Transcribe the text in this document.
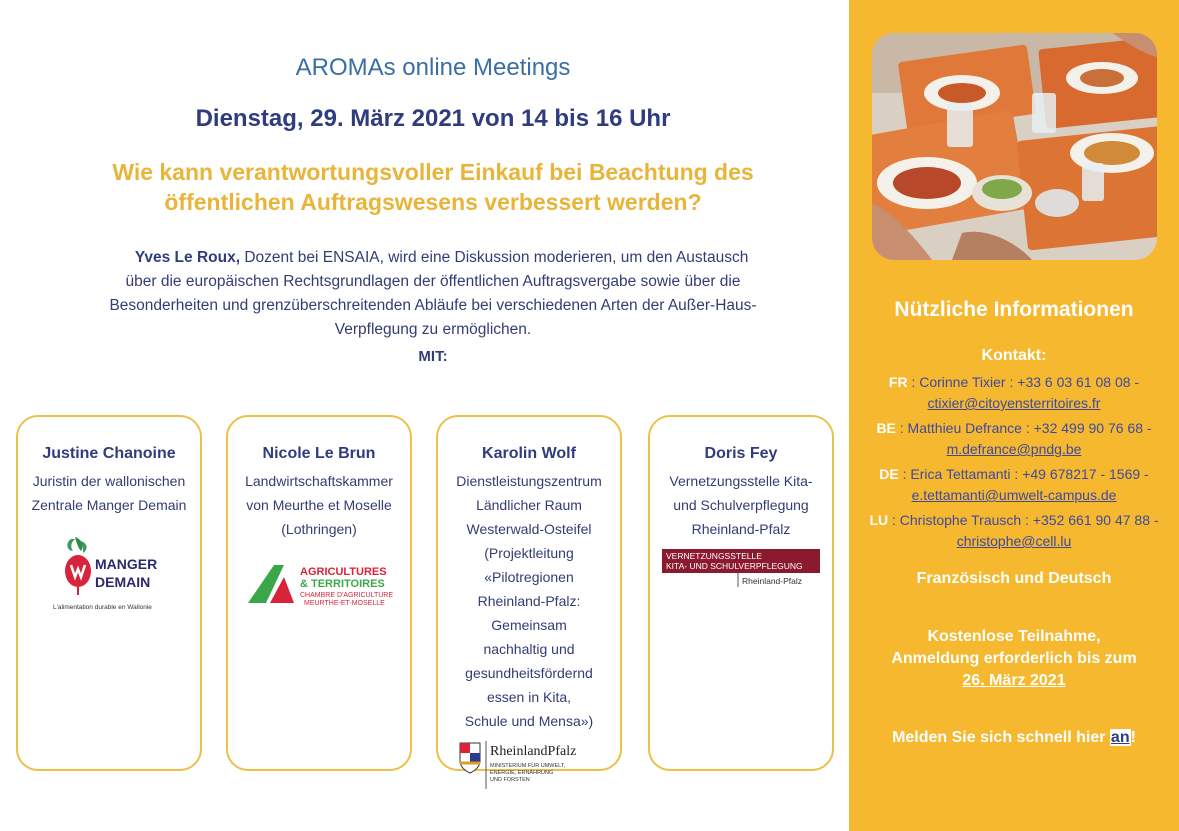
AROMAs online Meetings
Dienstag, 29. März 2021 von 14 bis 16 Uhr
Wie kann verantwortungsvoller Einkauf bei Beachtung des
öffentlichen Auftragswesens verbessert werden?
Yves Le Roux, Dozent bei ENSAIA, wird eine Diskussion moderieren, um den Austausch
über die europäischen Rechtsgrundlagen der öffentlichen Auftragsvergabe sowie über die
Besonderheiten und grenzüberschreitenden Abläufe bei verschiedenen Arten der Außer-Haus-
Verpflegung zu ermöglichen.
MIT:
Justine Chanoine
Juristin der wallonischen
Zentrale Manger Demain
MANGER
DEMAIN
L'alimentation durable en Wallonie
Nicole Le Brun
Landwirtschaftskammer
von Meurthe et Moselle
(Lothringen)
AGRICULTURES
& TERRITOIRES
CHAMBRE D'AGRICULTURE
MEURTHE-ET-MOSELLE
Karolin Wolf
Dienstleistungszentrum
Ländlicher Raum
Westerwald-Osteifel
(Projektleitung
«Pilotregionen
Rheinland-Pfalz:
Gemeinsam
nachhaltig und
gesundheitsfördernd
essen in Kita,
Schule und Mensa»)
RheinlandPfalz
MINISTERIUM FÜR UMWELT,
ENERGIE, ERNÄHRUNG
UND FORSTEN
Doris Fey
Vernetzungsstelle Kita-
und Schulverpflegung
Rheinland-Pfalz
VERNETZUNGSSTELLE
KITA- UND SCHULVERPFLEGUNG
Rheinland-Pfalz
Nützliche Informationen
Kontakt:
FR : Corinne Tixier : +33 6 03 61 08 08 -
ctixier@citoyensterritoires.fr
BE : Matthieu Defrance : +32 499 90 76 68 -
m.defrance@pndg.be
DE : Erica Tettamanti : +49 678217 - 1569 -
e.tettamanti@umwelt-campus.de
LU : Christophe Trausch : +352 661 90 47 88 -
christophe@cell.lu
Französisch und Deutsch
Kostenlose Teilnahme,
Anmeldung erforderlich bis zum
26. März 2021
Melden Sie sich schnell hier an!
